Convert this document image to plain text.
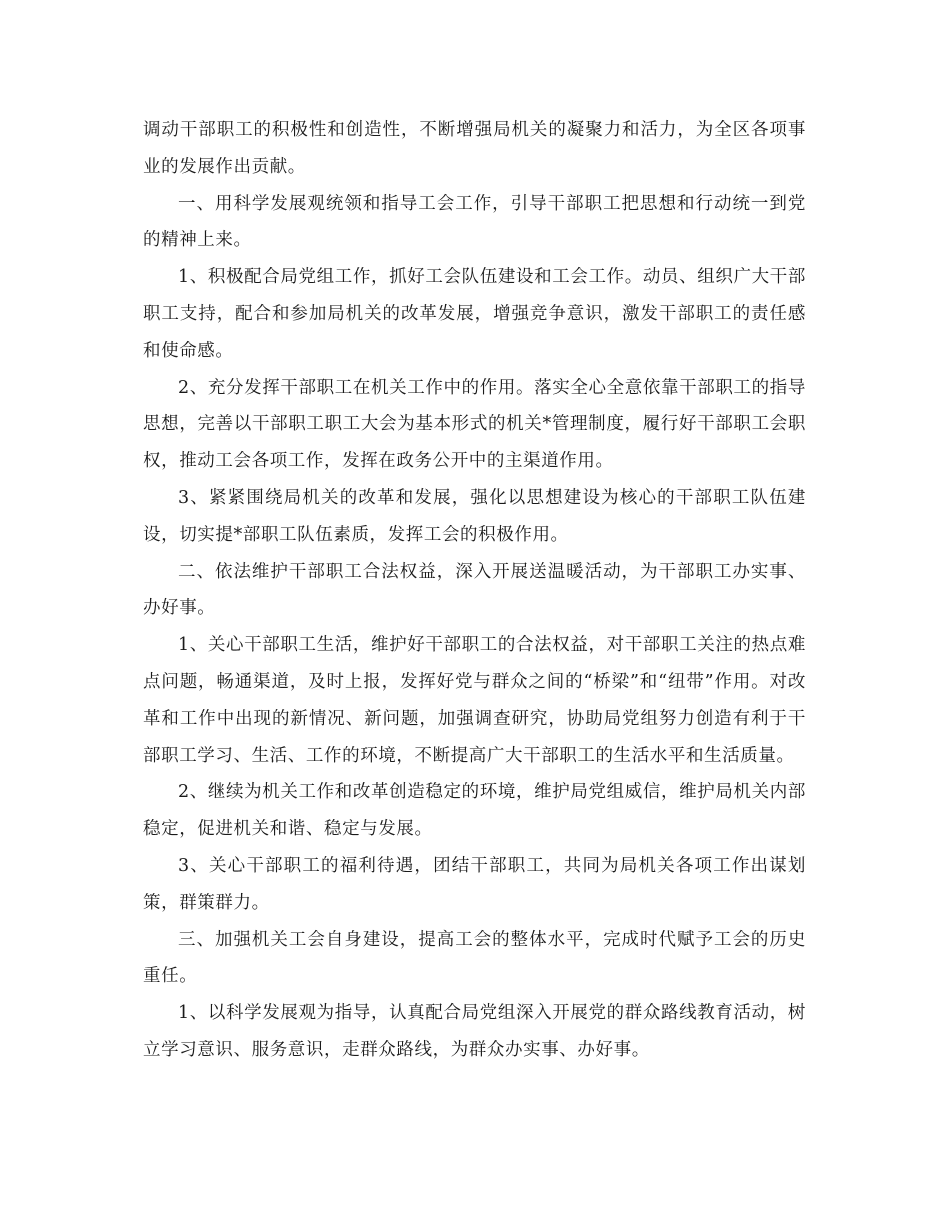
调动干部职工的积极性和创造性，不断增强局机关的凝聚力和活力，为全区各项事业的发展作出贡献。

一、用科学发展观统领和指导工会工作，引导干部职工把思想和行动统一到党的精神上来。

1、积极配合局党组工作，抓好工会队伍建设和工会工作。动员、组织广大干部职工支持，配合和参加局机关的改革发展，增强竞争意识，激发干部职工的责任感和使命感。

2、充分发挥干部职工在机关工作中的作用。落实全心全意依靠干部职工的指导思想，完善以干部职工职工大会为基本形式的机关*管理制度，履行好干部职工会职权，推动工会各项工作，发挥在政务公开中的主渠道作用。

3、紧紧围绕局机关的改革和发展，强化以思想建设为核心的干部职工队伍建设，切实提*部职工队伍素质，发挥工会的积极作用。

二、依法维护干部职工合法权益，深入开展送温暖活动，为干部职工办实事、办好事。

1、关心干部职工生活，维护好干部职工的合法权益，对干部职工关注的热点难点问题，畅通渠道，及时上报，发挥好党与群众之间的“桥梁”和“纽带”作用。对改革和工作中出现的新情况、新问题，加强调查研究，协助局党组努力创造有利于干部职工学习、生活、工作的环境，不断提高广大干部职工的生活水平和生活质量。

2、继续为机关工作和改革创造稳定的环境，维护局党组威信，维护局机关内部稳定，促进机关和谐、稳定与发展。

3、关心干部职工的福利待遇，团结干部职工，共同为局机关各项工作出谋划策，群策群力。

三、加强机关工会自身建设，提高工会的整体水平，完成时代赋予工会的历史重任。

1、以科学发展观为指导，认真配合局党组深入开展党的群众路线教育活动，树立学习意识、服务意识，走群众路线，为群众办实事、办好事。
